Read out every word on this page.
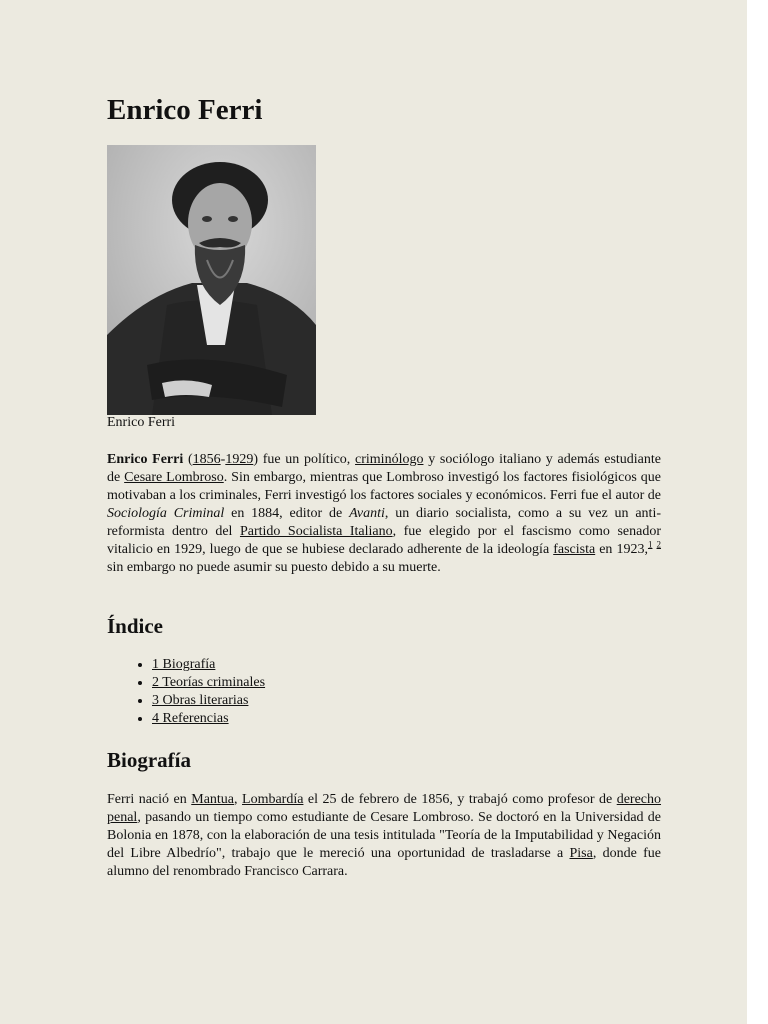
Enrico Ferri
Enrico Ferri

Enrico Ferri (1856-1929) fue un político, criminólogo y sociólogo italiano y además estudiante de Cesare Lombroso. Sin embargo, mientras que Lombroso investigó los factores fisiológicos que motivaban a los criminales, Ferri investigó los factores sociales y económicos. Ferri fue el autor de Sociología Criminal en 1884, editor de Avanti, un diario socialista, como a su vez un anti-reformista dentro del Partido Socialista Italiano, fue elegido por el fascismo como senador vitalicio en 1929, luego de que se hubiese declarado adherente de la ideología fascista en 1923,$^1$ $^2$ sin embargo no puede asumir su puesto debido a su muerte.

Índice
• 1 Biografía
• 2 Teorías criminales
• 3 Obras literarias
• 4 Referencias
Biografía

Ferri nació en Mantua, Lombardía el 25 de febrero de 1856, y trabajó como profesor de derecho penal, pasando un tiempo como estudiante de Cesare Lombroso. Se doctoró en la Universidad de Bolonia en 1878, con la elaboración de una tesis intitulada "Teoría de la Imputabilidad y Negación del Libre Albedrío", trabajo que le mereció una oportunidad de trasladarse a Pisa, donde fue alumno del renombrado Francisco Carrara.
